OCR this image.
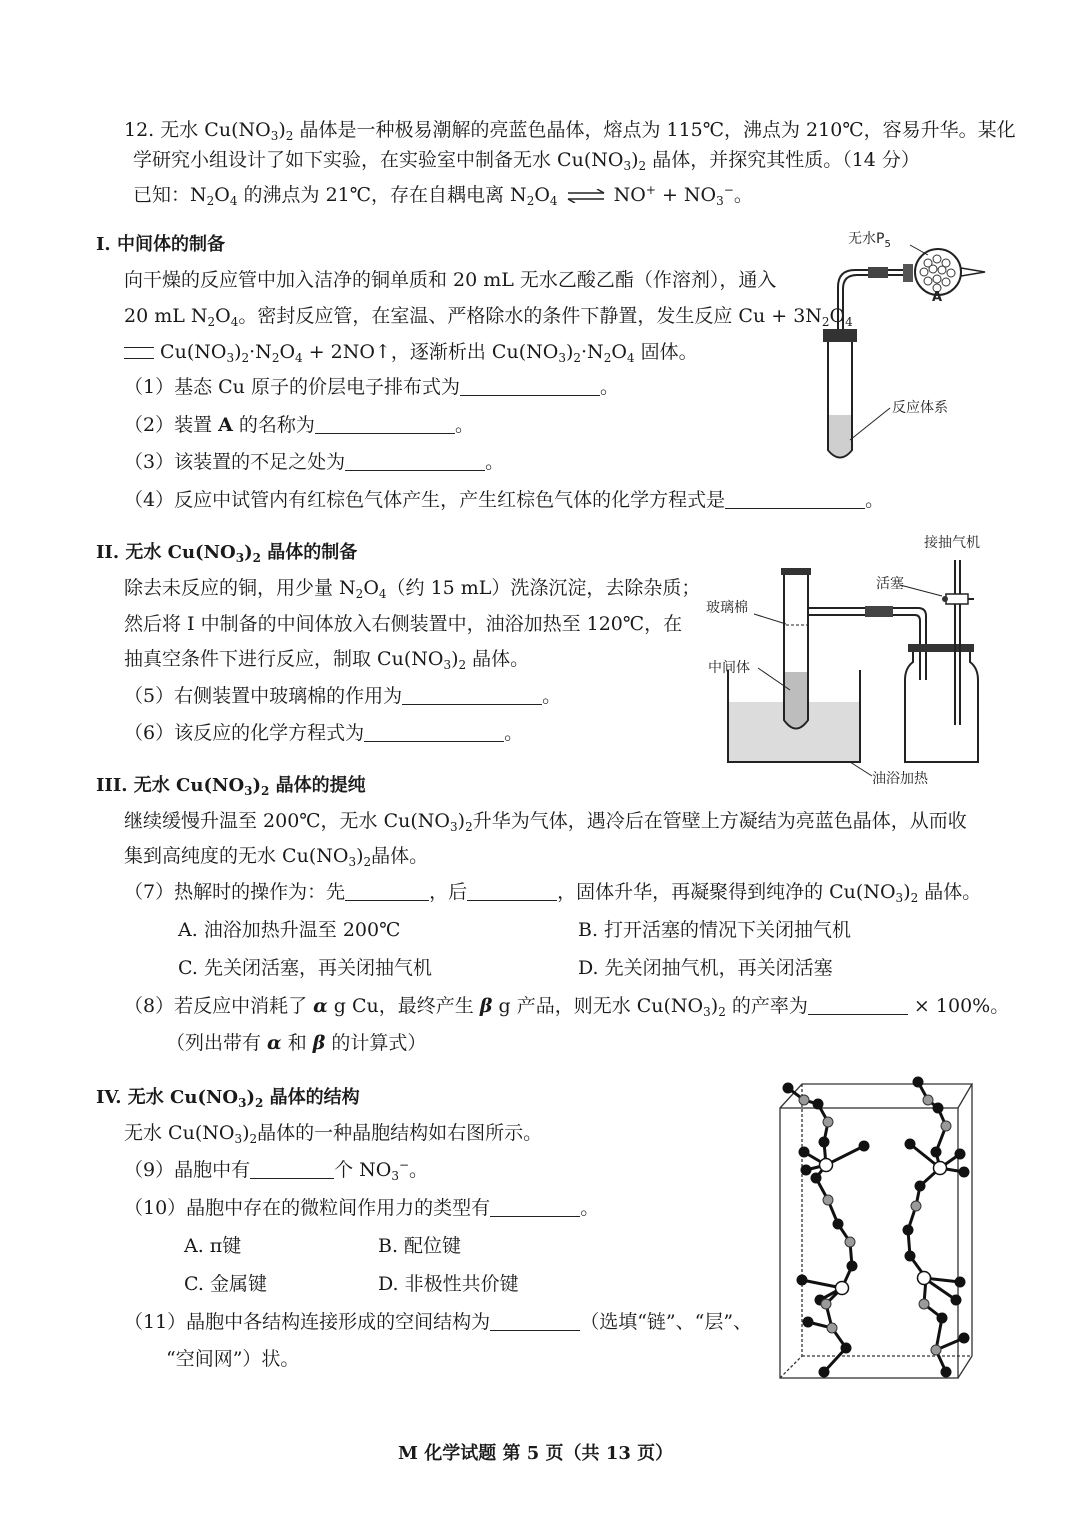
12. 无水 $Cu(NO_3)_2$ 晶体是一种极易潮解的亮蓝色晶体，熔点为 115℃，沸点为 210℃，容易升华。某化
学研究小组设计了如下实验，在实验室中制备无水 $Cu(NO_3)_2$ 晶体，并探究其性质。（14 分）
已知：$N_2O_4$ 的沸点为 21℃，存在自耦电离 $N_2O_4$ ⇌ $NO^+ + NO_3^-$。
I. 中间体的制备
向干燥的反应管中加入洁净的铜单质和 20 mL 无水乙酸乙酯（作溶剂），通入
20 mL $N_2O_4$。密封反应管，在室温、严格除水的条件下静置，发生反应 $Cu + 3N_2O_4$
$Cu(NO_3)_2\cdot N_2O_4$ + 2NO↑，逐渐析出 $Cu(NO_3)_2\cdot N_2O_4$ 固体。
（1）基态 Cu 原子的价层电子排布式为	。
（2）装置 A 的名称为	。
（3）该装置的不足之处为	。
（4）反应中试管内有红棕色气体产生，产生红棕色气体的化学方程式是	。
无水$P_5$
A
反应体系
II. 无水 $Cu(NO_3)_2$ 晶体的制备
除去未反应的铜，用少量 $N_2O_4$（约 15 mL）洗涤沉淀，去除杂质；
然后将 I 中制备的中间体放入右侧装置中，油浴加热至 120℃，在
抽真空条件下进行反应，制取 $Cu(NO_3)_2$ 晶体。
（5）右侧装置中玻璃棉的作用为	。
（6）该反应的化学方程式为	。
接抽气机
活塞
玻璃棉
中间体
油浴加热
III. 无水 $Cu(NO_3)_2$ 晶体的提纯
继续缓慢升温至 200℃，无水 $Cu(NO_3)_2$升华为气体，遇冷后在管壁上方凝结为亮蓝色晶体，从而收
集到高纯度的无水 $Cu(NO_3)_2$晶体。
（7）热解时的操作为：先	，后	，固体升华，再凝聚得到纯净的 $Cu(NO_3)_2$ 晶体。
A. 油浴加热升温至 200℃	B. 打开活塞的情况下关闭抽气机
C. 先关闭活塞，再关闭抽气机	D. 先关闭抽气机，再关闭活塞
（8）若反应中消耗了 α g Cu，最终产生 β g 产品，则无水 $Cu(NO_3)_2$ 的产率为	× 100%。
（列出带有 α 和 β 的计算式）
IV. 无水 $Cu(NO_3)_2$ 晶体的结构
无水 $Cu(NO_3)_2$晶体的一种晶胞结构如右图所示。
（9）晶胞中有	个 $NO_3^-$。
（10）晶胞中存在的微粒间作用力的类型有	。
A. π键	B. 配位键
C. 金属键	D. 非极性共价键
（11）晶胞中各结构连接形成的空间结构为	（选填“链”、“层”、
“空间网”）状。
M 化学试题 第 5 页（共 13 页）
